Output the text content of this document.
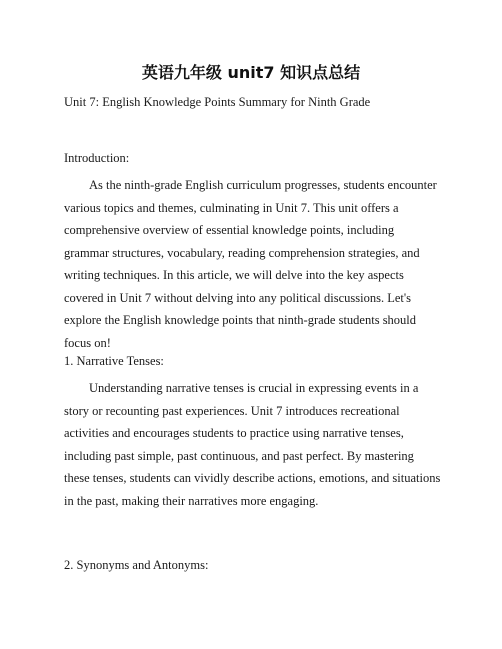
英语九年级 unit7 知识点总结

Unit 7: English Knowledge Points Summary for Ninth Grade

Introduction:

As the ninth-grade English curriculum progresses, students encounter various topics and themes, culminating in Unit 7. This unit offers a comprehensive overview of essential knowledge points, including grammar structures, vocabulary, reading comprehension strategies, and writing techniques. In this article, we will delve into the key aspects covered in Unit 7 without delving into any political discussions. Let's explore the English knowledge points that ninth-grade students should focus on!

1. Narrative Tenses:

Understanding narrative tenses is crucial in expressing events in a story or recounting past experiences. Unit 7 introduces recreational activities and encourages students to practice using narrative tenses, including past simple, past continuous, and past perfect. By mastering these tenses, students can vividly describe actions, emotions, and situations in the past, making their narratives more engaging.

2. Synonyms and Antonyms:
